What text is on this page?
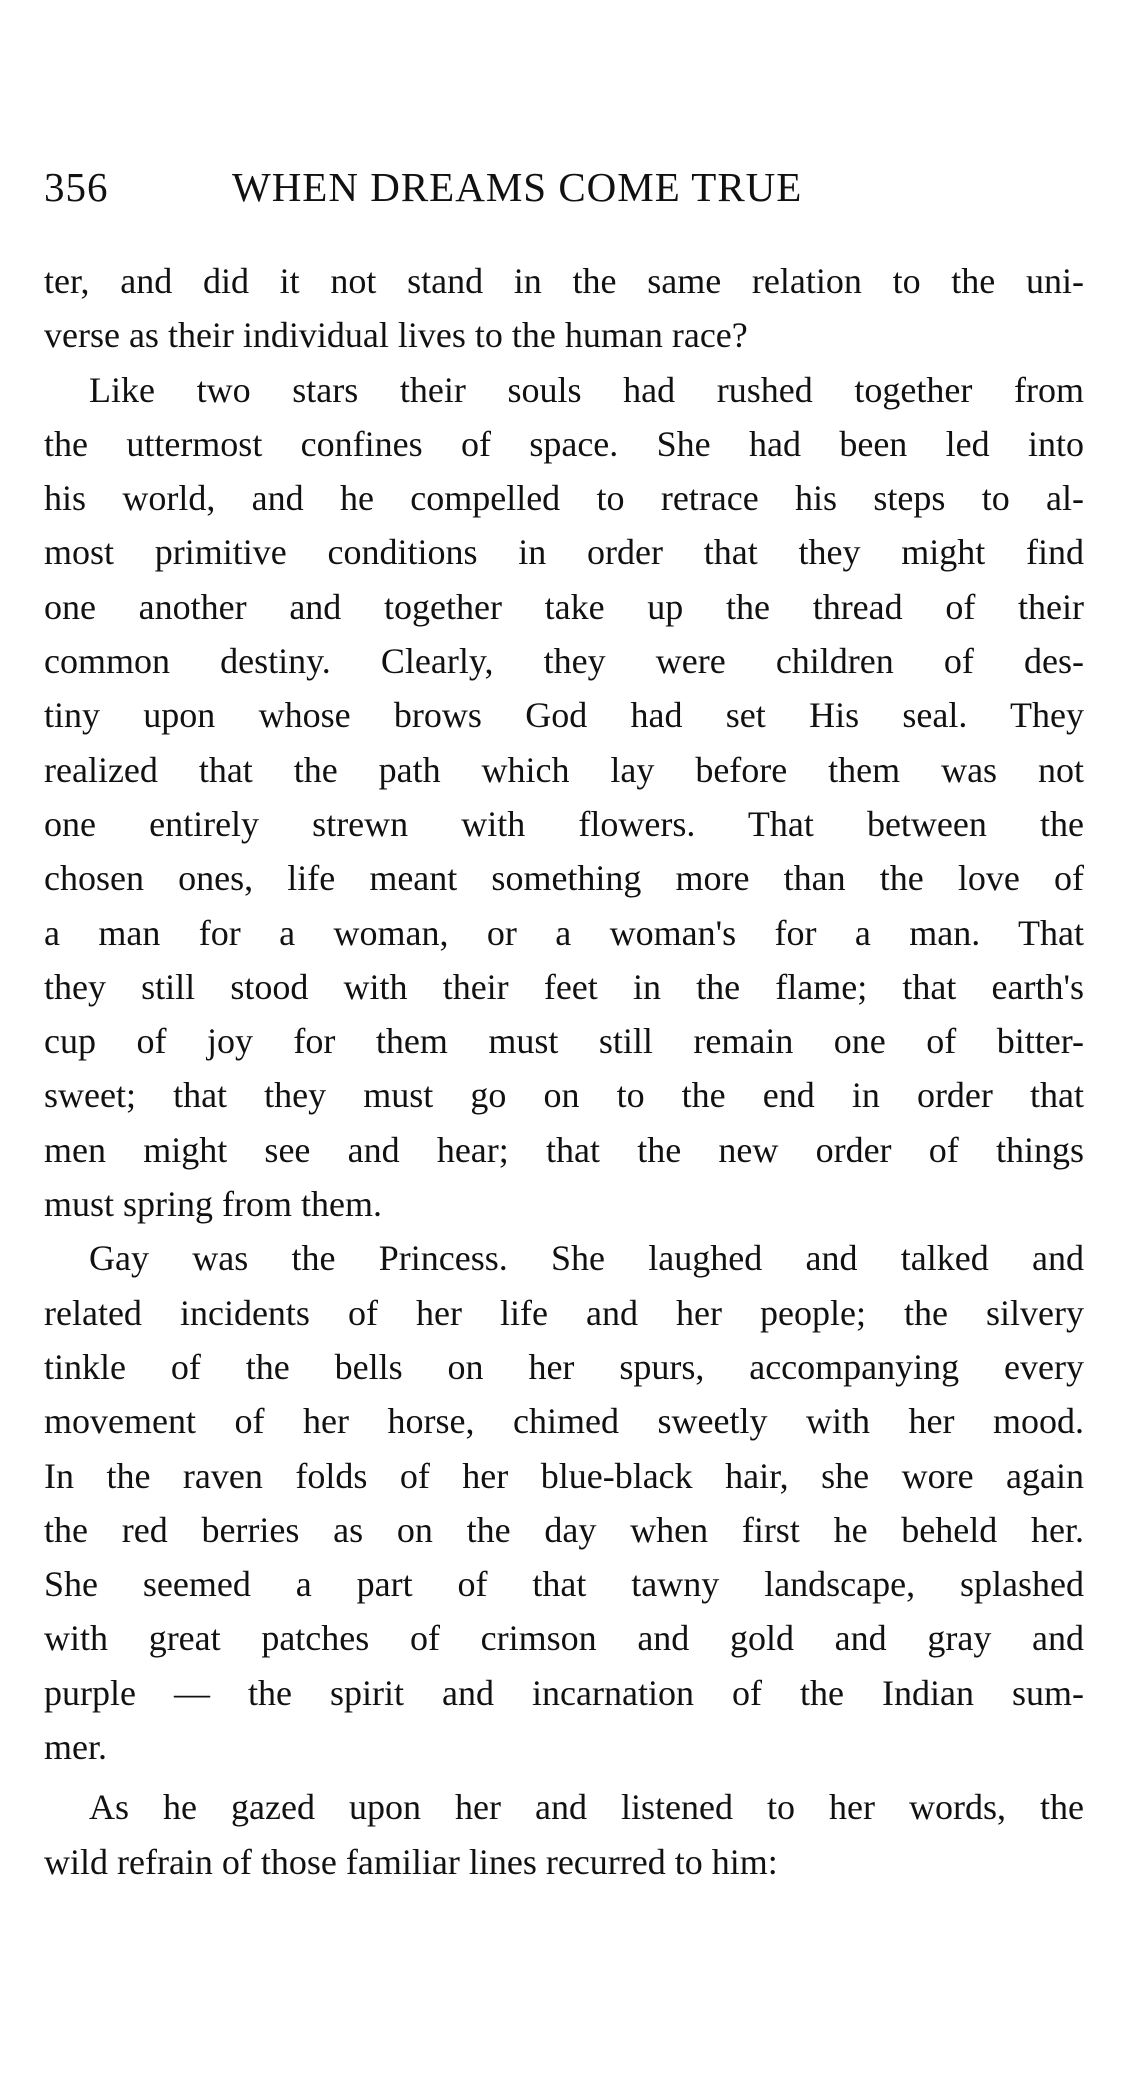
356	WHEN DREAMS COME TRUE
ter, and did it not stand in the same relation to the uni-
verse as their individual lives to the human race?
Like two stars their souls had rushed together from
the uttermost confines of space. She had been led into
his world, and he compelled to retrace his steps to al-
most primitive conditions in order that they might find
one another and together take up the thread of their
common destiny. Clearly, they were children of des-
tiny upon whose brows God had set His seal. They
realized that the path which lay before them was not
one entirely strewn with flowers. That between the
chosen ones, life meant something more than the love of
a man for a woman, or a woman's for a man. That
they still stood with their feet in the flame; that earth's
cup of joy for them must still remain one of bitter-
sweet; that they must go on to the end in order that
men might see and hear; that the new order of things
must spring from them.
Gay was the Princess. She laughed and talked and
related incidents of her life and her people; the silvery
tinkle of the bells on her spurs, accompanying every
movement of her horse, chimed sweetly with her mood.
In the raven folds of her blue-black hair, she wore again
the red berries as on the day when first he beheld her.
She seemed a part of that tawny landscape, splashed
with great patches of crimson and gold and gray and
purple — the spirit and incarnation of the Indian sum-
mer.
As he gazed upon her and listened to her words, the
wild refrain of those familiar lines recurred to him:
